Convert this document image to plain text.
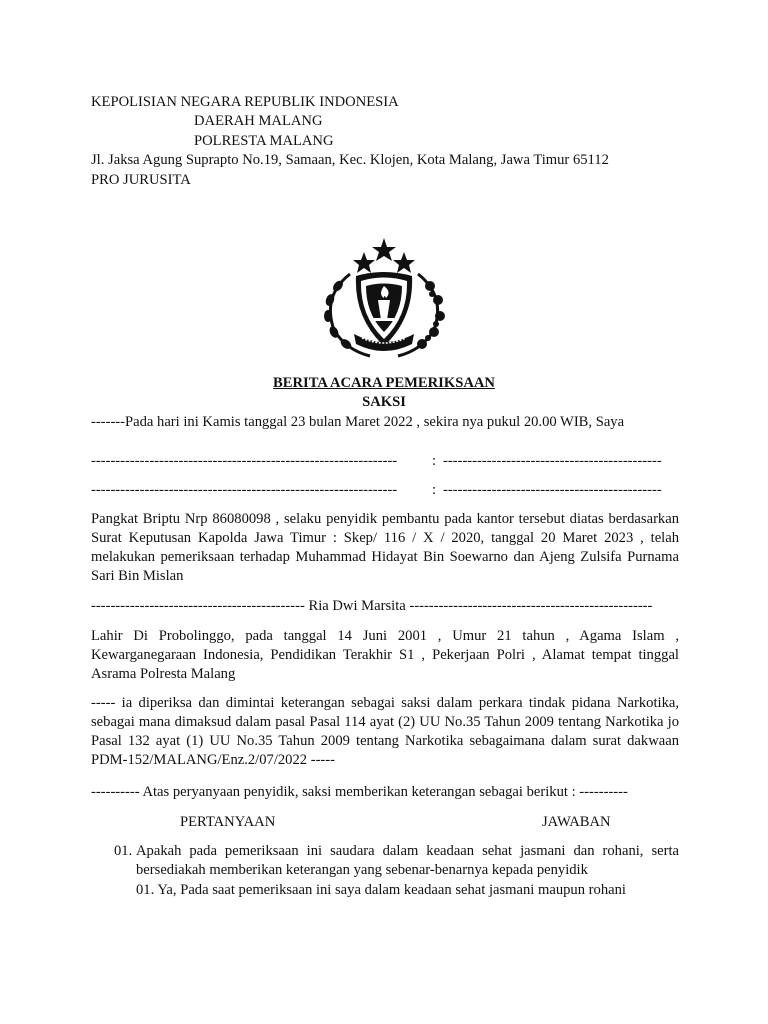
KEPOLISIAN NEGARA REPUBLIK INDONESIA
DAERAH MALANG
POLRESTA MALANG
Jl. Jaksa Agung Suprapto No.19, Samaan, Kec. Klojen, Kota Malang, Jawa Timur 65112
PRO JURUSITA
BERITA ACARA PEMERIKSAAN
SAKSI
-------Pada hari ini Kamis tanggal 23 bulan Maret 2022 , sekira nya pukul 20.00 WIB, Saya
---------------------------------------------------------------	: ---------------------------------------------
---------------------------------------------------------------	: ---------------------------------------------
Pangkat Briptu Nrp 86080098 , selaku penyidik pembantu pada kantor tersebut diatas berdasarkan Surat Keputusan Kapolda Jawa Timur : Skep/ 116 / X / 2020, tanggal 20 Maret 2023 , telah melakukan pemeriksaan terhadap Muhammad Hidayat Bin Soewarno dan Ajeng Zulsifa Purnama Sari Bin Mislan
-------------------------------------------- Ria Dwi Marsita --------------------------------------------------
Lahir Di Probolinggo, pada tanggal 14 Juni 2001 , Umur 21 tahun , Agama Islam , Kewarganegaraan Indonesia, Pendidikan Terakhir S1 , Pekerjaan Polri , Alamat tempat tinggal Asrama Polresta Malang
----- ia diperiksa dan dimintai keterangan sebagai saksi dalam perkara tindak pidana Narkotika, sebagai mana dimaksud dalam pasal Pasal 114 ayat (2) UU No.35 Tahun 2009 tentang Narkotika jo Pasal 132 ayat (1) UU No.35 Tahun 2009 tentang Narkotika sebagaimana dalam surat dakwaan PDM-152/MALANG/Enz.2/07/2022 -----
---------- Atas peryanyaan penyidik, saksi memberikan keterangan sebagai berikut : ----------
PERTANYAAN	JAWABAN
01. Apakah pada pemeriksaan ini saudara dalam keadaan sehat jasmani dan rohani, serta bersediakah memberikan keterangan yang sebenar-benarnya kepada penyidik
01. Ya, Pada saat pemeriksaan ini saya dalam keadaan sehat jasmani maupun rohani
